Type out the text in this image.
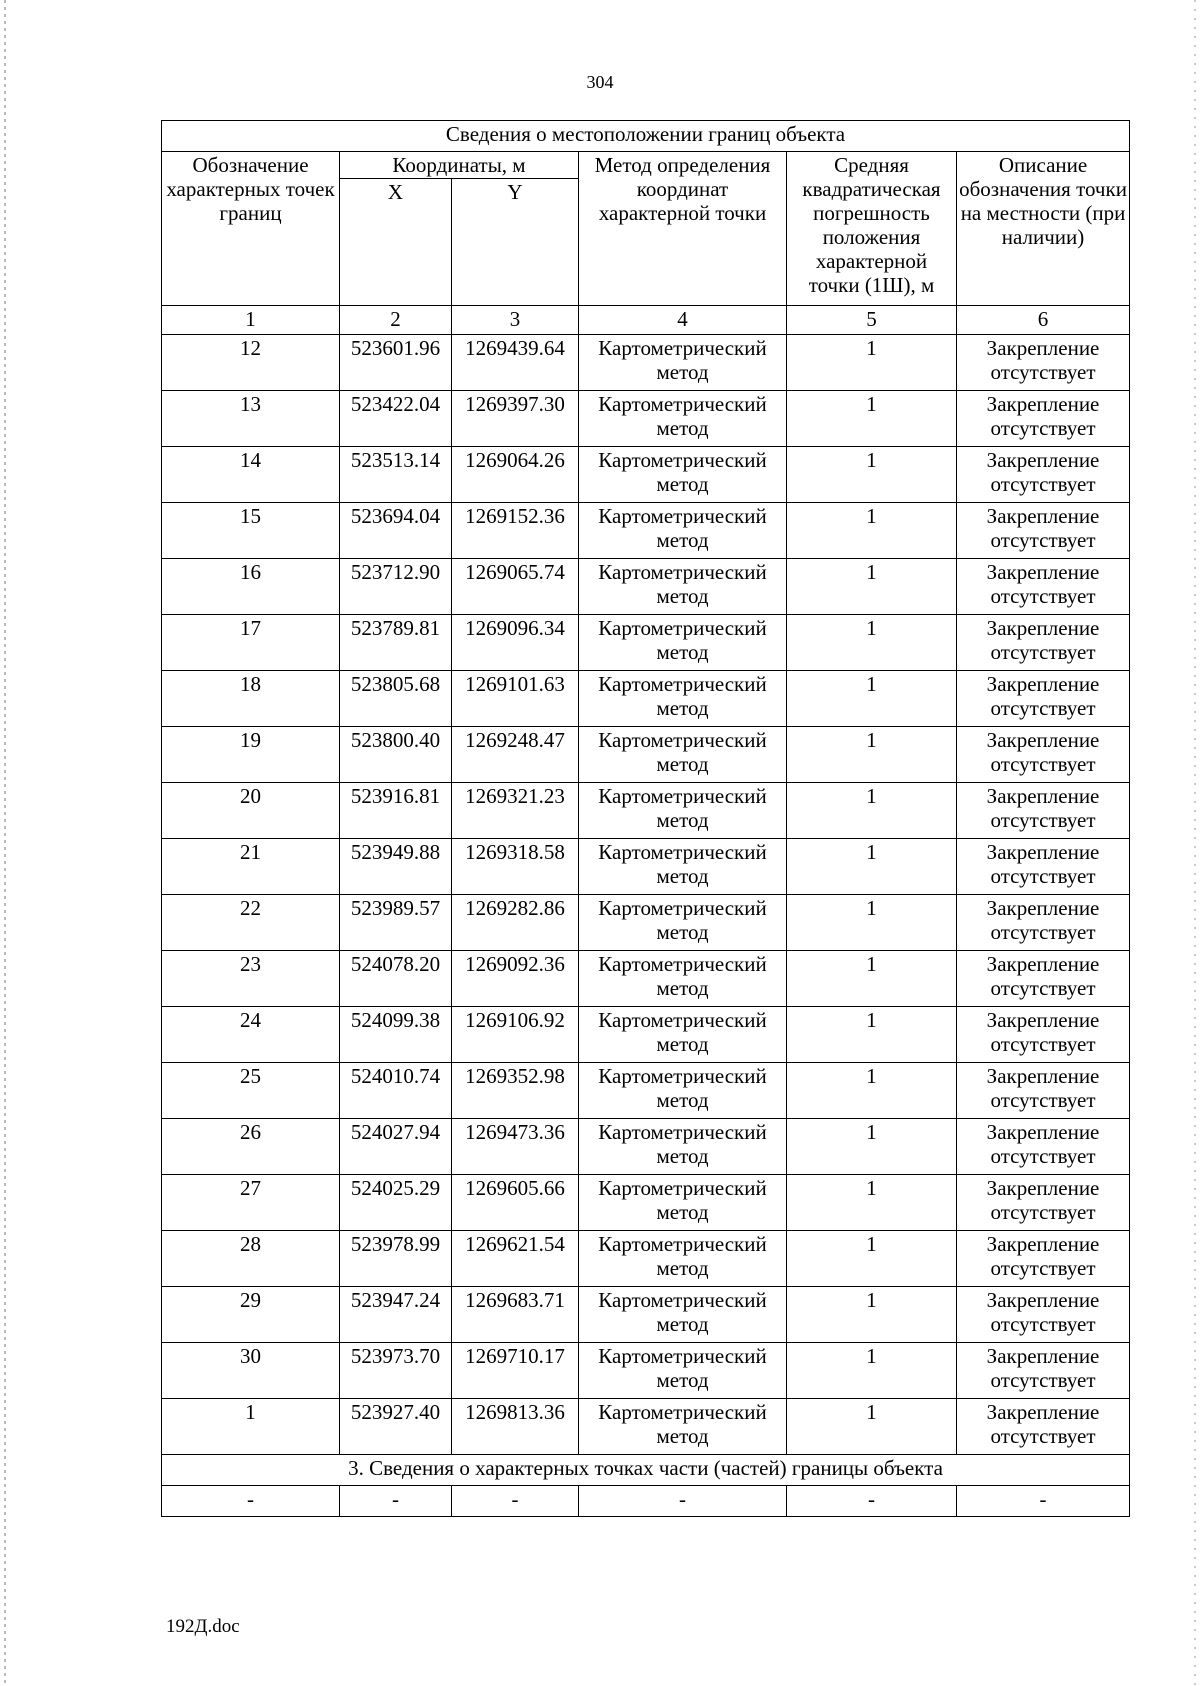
304
Сведения о местоположении границ объекта					
Обозначение характерных точек границ	Координаты, м		Метод определения координат характерной точки	Средняя квадратическая погрешность положения характерной точки (1Ш), м	Описание обозначения точки на местности (при наличии)
	X	Y			
1	2	3	4	5	6
12	523601.96	1269439.64	Картометрический метод	1	Закрепление отсутствует
13	523422.04	1269397.30	Картометрический метод	1	Закрепление отсутствует
14	523513.14	1269064.26	Картометрический метод	1	Закрепление отсутствует
15	523694.04	1269152.36	Картометрический метод	1	Закрепление отсутствует
16	523712.90	1269065.74	Картометрический метод	1	Закрепление отсутствует
17	523789.81	1269096.34	Картометрический метод	1	Закрепление отсутствует
18	523805.68	1269101.63	Картометрический метод	1	Закрепление отсутствует
19	523800.40	1269248.47	Картометрический метод	1	Закрепление отсутствует
20	523916.81	1269321.23	Картометрический метод	1	Закрепление отсутствует
21	523949.88	1269318.58	Картометрический метод	1	Закрепление отсутствует
22	523989.57	1269282.86	Картометрический метод	1	Закрепление отсутствует
23	524078.20	1269092.36	Картометрический метод	1	Закрепление отсутствует
24	524099.38	1269106.92	Картометрический метод	1	Закрепление отсутствует
25	524010.74	1269352.98	Картометрический метод	1	Закрепление отсутствует
26	524027.94	1269473.36	Картометрический метод	1	Закрепление отсутствует
27	524025.29	1269605.66	Картометрический метод	1	Закрепление отсутствует
28	523978.99	1269621.54	Картометрический метод	1	Закрепление отсутствует
29	523947.24	1269683.71	Картометрический метод	1	Закрепление отсутствует
30	523973.70	1269710.17	Картометрический метод	1	Закрепление отсутствует
1	523927.40	1269813.36	Картометрический метод	1	Закрепление отсутствует
3. Сведения о характерных точках части (частей) границы объекта					
-	-	-	-	-	-
192Д.doc
